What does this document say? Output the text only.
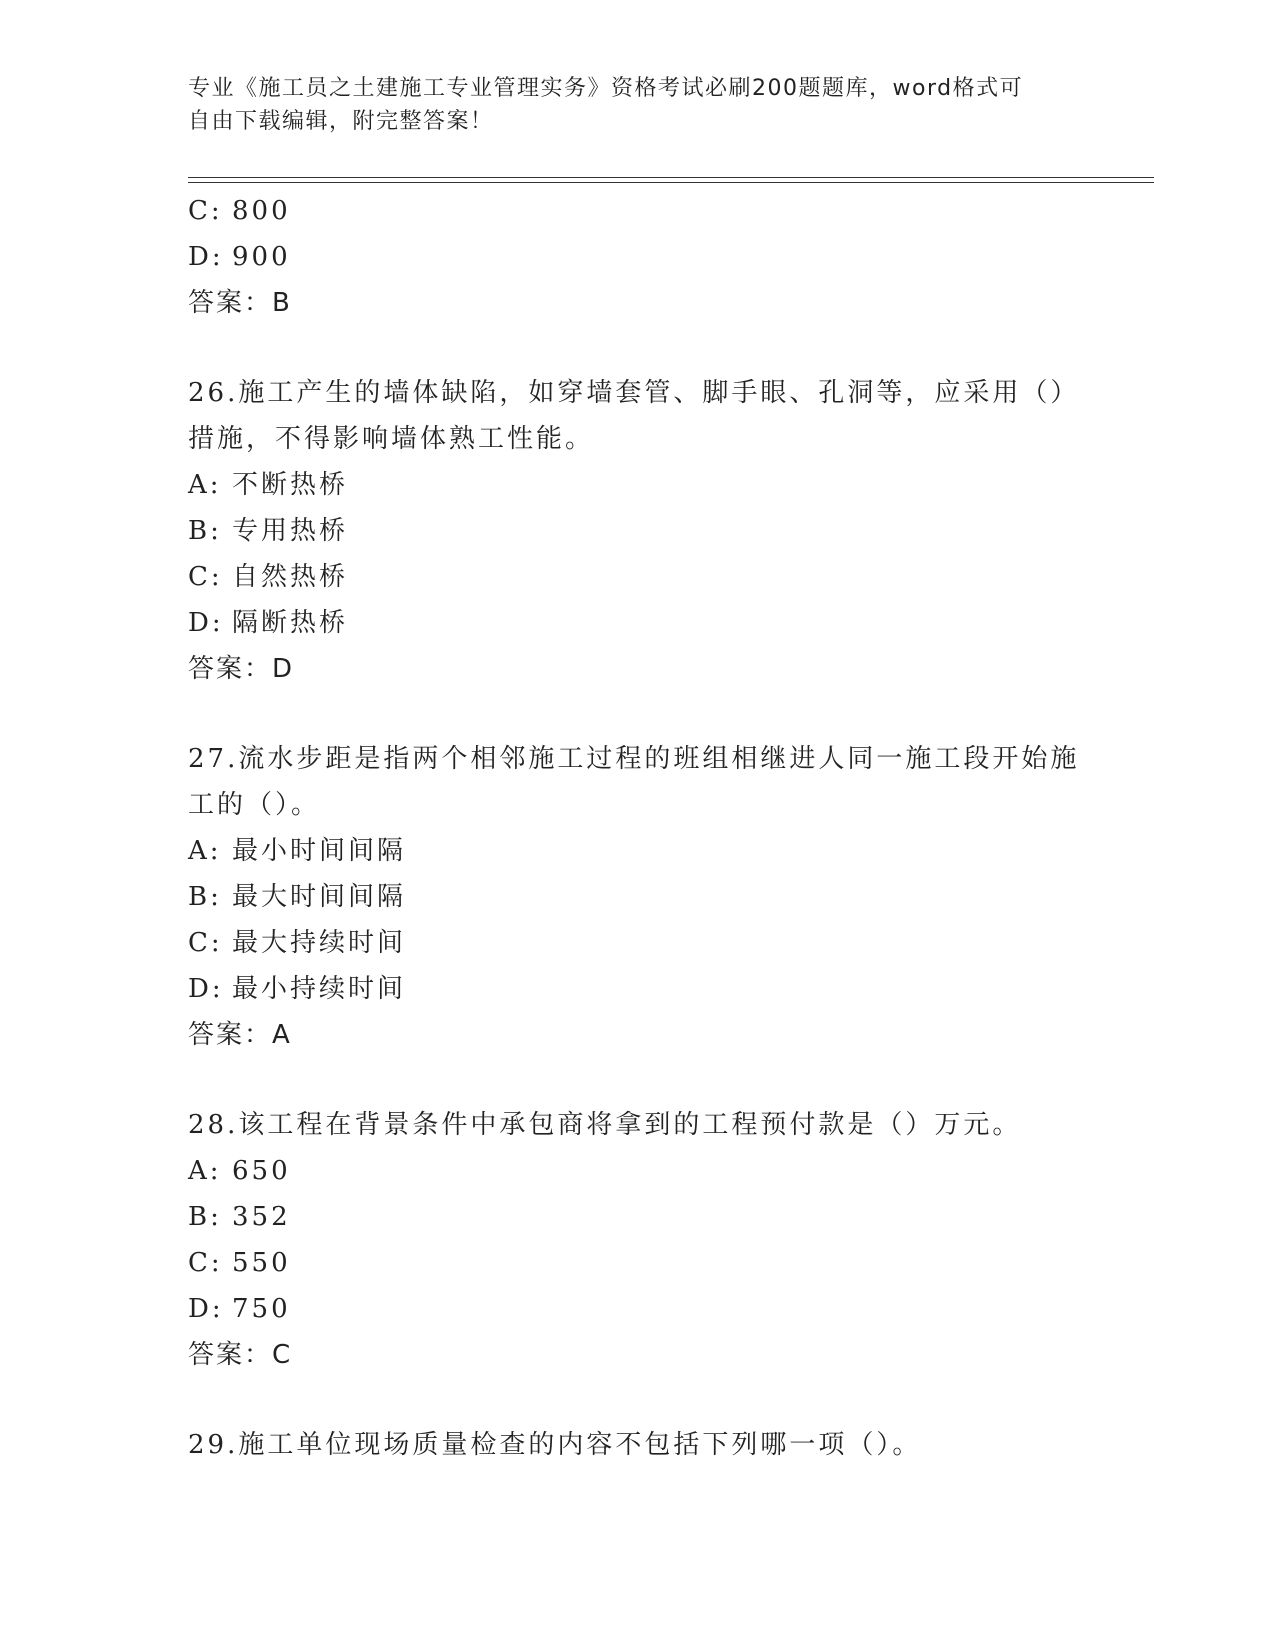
专业《施工员之土建施工专业管理实务》资格考试必刷200题题库，word格式可
自由下载编辑，附完整答案！
C: 800
D: 900
答案：B
26.施工产生的墙体缺陷，如穿墙套管、脚手眼、孔洞等，应采用（）
措施，不得影响墙体熟工性能。
A: 不断热桥
B: 专用热桥
C: 自然热桥
D: 隔断热桥
答案：D
27.流水步距是指两个相邻施工过程的班组相继进人同一施工段开始施
工的（）。
A: 最小时间间隔
B: 最大时间间隔
C: 最大持续时间
D: 最小持续时间
答案：A
28.该工程在背景条件中承包商将拿到的工程预付款是（）万元。
A: 650
B: 352
C: 550
D: 750
答案：C
29.施工单位现场质量检查的内容不包括下列哪一项（）。
